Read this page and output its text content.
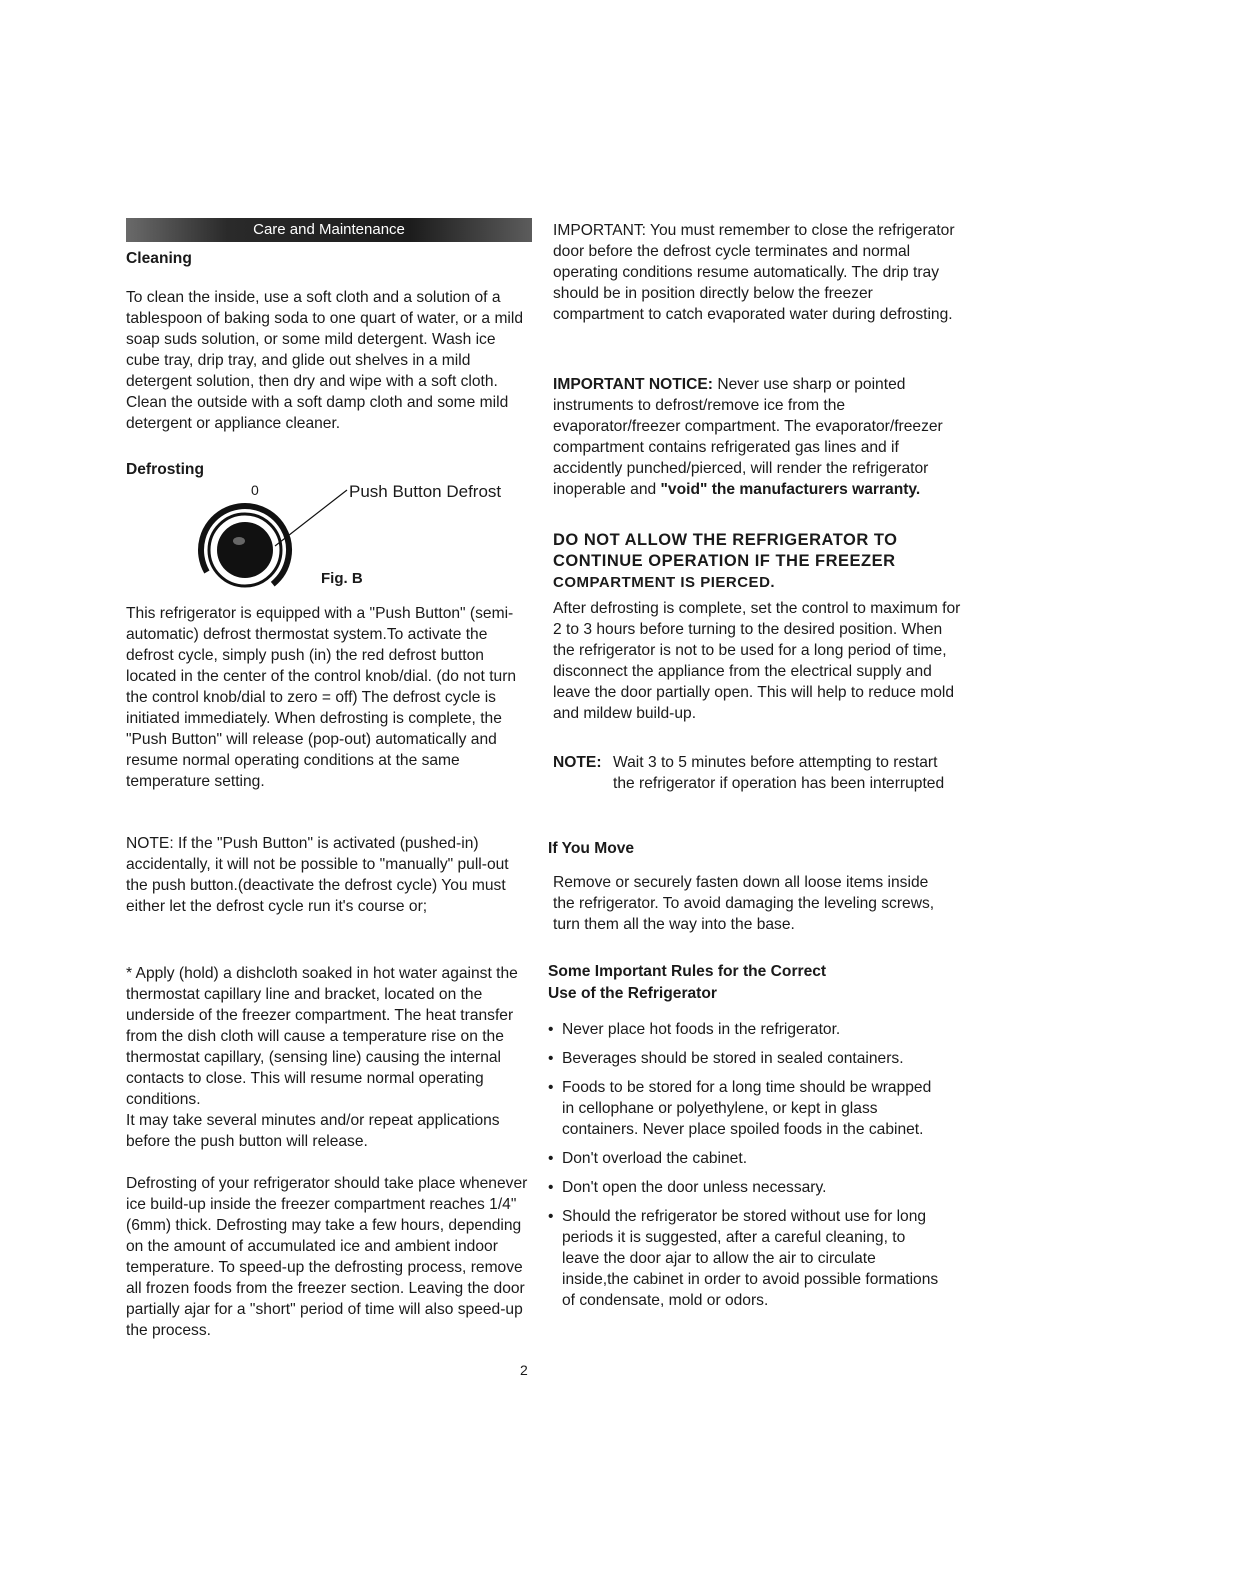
Care and Maintenance
Cleaning

To clean the inside, use a soft cloth and a solution of a tablespoon of baking soda to one quart of water, or a mild soap suds solution, or some mild detergent. Wash ice cube tray, drip tray, and glide out shelves in a mild detergent solution, then dry and wipe with a soft cloth. Clean the outside with a soft damp cloth and some mild detergent or appliance cleaner.

Defrosting
0	Push Button Defrost
Fig. B

This refrigerator is equipped with a "Push Button" (semi-automatic) defrost thermostat system.To activate the defrost cycle, simply push (in) the red defrost button located in the center of the control knob/dial. (do not turn the control knob/dial to zero = off) The defrost cycle is initiated immediately. When defrosting is complete, the "Push Button" will release (pop-out) automatically and resume normal operating conditions at the same temperature setting.

NOTE: If the "Push Button" is activated (pushed-in) accidentally, it will not be possible to "manually" pull-out the push button.(deactivate the defrost cycle) You must either let the defrost cycle run it's course or;

* Apply (hold) a dishcloth soaked in hot water against the thermostat capillary line and bracket, located on the underside of the freezer compartment. The heat transfer from the dish cloth will cause a temperature rise on the thermostat capillary, (sensing line) causing the internal contacts to close. This will resume normal operating conditions.

It may take several minutes and/or repeat applications before the push button will release.

Defrosting of your refrigerator should take place whenever ice build-up inside the freezer compartment reaches 1/4" (6mm) thick. Defrosting may take a few hours, depending on the amount of accumulated ice and ambient indoor temperature. To speed-up the defrosting process, remove all frozen foods from the freezer section. Leaving the door partially ajar for a "short" period of time will also speed-up the process.

2

IMPORTANT: You must remember to close the refrigerator door before the defrost cycle terminates and normal operating conditions resume automatically. The drip tray should be in position directly below the freezer compartment to catch evaporated water during defrosting.

IMPORTANT NOTICE: Never use sharp or pointed instruments to defrost/remove ice from the evaporator/freezer compartment. The evaporator/freezer compartment contains refrigerated gas lines and if accidently punched/pierced, will render the refrigerator inoperable and "void" the manufacturers warranty.

DO NOT ALLOW THE REFRIGERATOR TO CONTINUE OPERATION IF THE FREEZER
COMPARTMENT IS PIERCED.

After defrosting is complete, set the control to maximum for 2 to 3 hours before turning to the desired position. When the refrigerator is not to be used for a long period of time, disconnect the appliance from the electrical supply and leave the door partially open. This will help to reduce mold and mildew build-up.

NOTE: Wait 3 to 5 minutes before attempting to restart the refrigerator if operation has been interrupted
If You Move

Remove or securely fasten down all loose items inside the refrigerator. To avoid damaging the leveling screws, turn them all the way into the base.

Some Important Rules for the Correct
Use of the Refrigerator
• Never place hot foods in the refrigerator.
• Beverages should be stored in sealed containers.
• Foods to be stored for a long time should be wrapped in cellophane or polyethylene, or kept in glass containers. Never place spoiled foods in the cabinet.
• Don't overload the cabinet.
• Don't open the door unless necessary.
• Should the refrigerator be stored without use for long periods it is suggested, after a careful cleaning, to leave the door ajar to allow the air to circulate inside,the cabinet in order to avoid possible formations of condensate, mold or odors.
